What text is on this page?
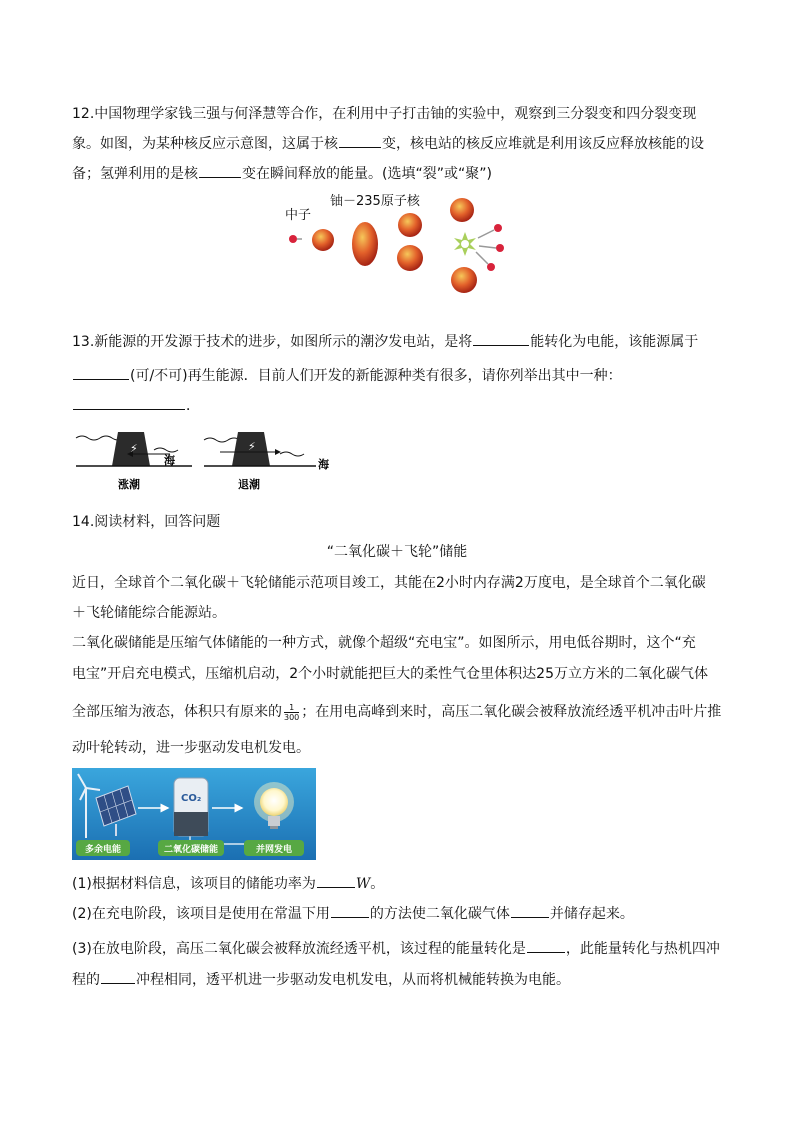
12.中国物理学家钱三强与何泽慧等合作，在利用中子打击铀的实验中，观察到三分裂变和四分裂变现
象。如图，为某种核反应示意图，这属于核	变，核电站的核反应堆就是利用该反应释放核能的设
备；氢弹利用的是核	变在瞬间释放的能量。(选填“裂”或“聚”)
中子
铀－235原子核
13.新能源的开发源于技术的进步，如图所示的潮汐发电站，是将	能转化为电能，该能源属于
(可/不可)再生能源．目前人们开发的新能源种类有很多，请你列举出其中一种：
．
⚡
海
涨潮
⚡
海
退潮
14.阅读材料，回答问题
“二氧化碳＋飞轮”储能
近日，全球首个二氧化碳＋飞轮储能示范项目竣工，其能在2小时内存满2万度电，是全球首个二氧化碳
＋飞轮储能综合能源站。
二氧化碳储能是压缩气体储能的一种方式，就像个超级“充电宝”。如图所示，用电低谷期时，这个“充
电宝”开启充电模式，压缩机启动，2个小时就能把巨大的柔性气仓里体积达25万立方米的二氧化碳气体
全部压缩为液态，体积只有原来的 $\frac{1}{300}$ ；在用电高峰到来时，高压二氧化碳会被释放流经透平机冲击叶片推
动叶轮转动，进一步驱动发电机发电。
CO₂
多余电能	二氧化碳储能	并网发电
(1)根据材料信息，该项目的储能功率为	W。
(2)在充电阶段，该项目是使用在常温下用	的方法使二氧化碳气体	并储存起来。
(3)在放电阶段，高压二氧化碳会被释放流经透平机，该过程的能量转化是	，此能量转化与热机四冲
程的	冲程相同，透平机进一步驱动发电机发电，从而将机械能转换为电能。
